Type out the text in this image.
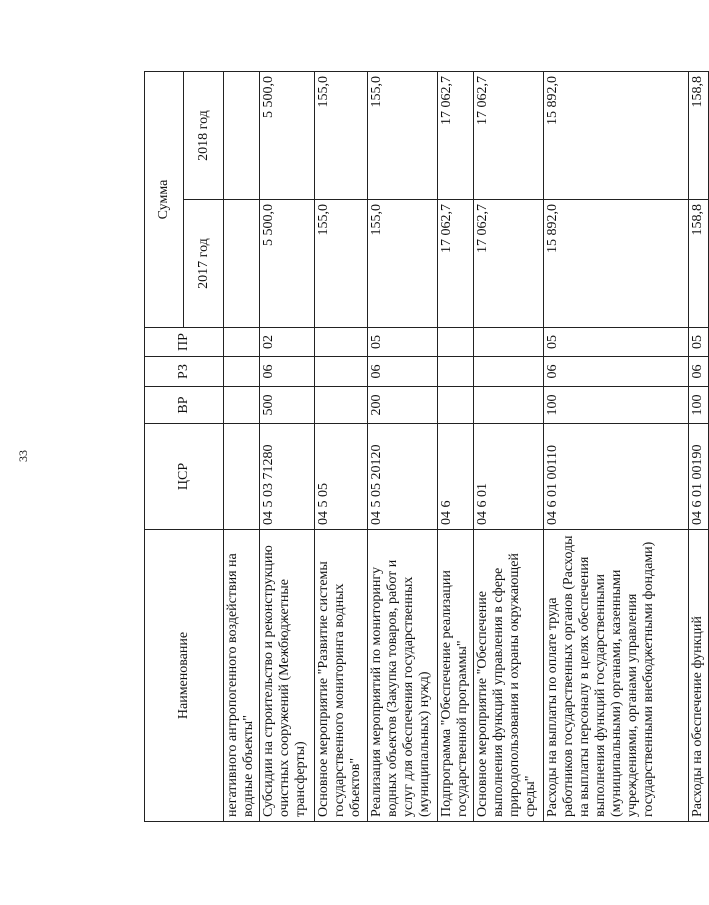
33
Наименование	ЦСР	ВР	РЗ	ПР	Сумма	
					2017 год	2018 год
негативного антропогенного воздействия на водные объекты"						
Субсидии на строительство и реконструкцию очистных сооружений (Межбюджетные трансферты)	04 5 03 71280	500	06	02	5 500,0	5 500,0
Основное мероприятие "Развитие системы государственного мониторинга водных объектов"	04 5 05				155,0	155,0
Реализация мероприятий по мониторингу водных объектов (Закупка товаров, работ и услуг для обеспечения государственных (муниципальных) нужд)	04 5 05 20120	200	06	05	155,0	155,0
Подпрограмма "Обеспечение реализации государственной программы"	04 6				17 062,7	17 062,7
Основное мероприятие "Обеспечение выполнения функций управления в сфере природопользования и охраны окружающей среды"	04 6 01				17 062,7	17 062,7
Расходы на выплаты по оплате труда работников государственных органов (Расходы на выплаты персоналу в целях обеспечения выполнения функций государственными (муниципальными) органами, казенными учреждениями, органами управления государственными внебюджетными фондами)	04 6 01 00110	100	06	05	15 892,0	15 892,0
Расходы на обеспечение функций	04 6 01 00190	100	06	05	158,8	158,8
